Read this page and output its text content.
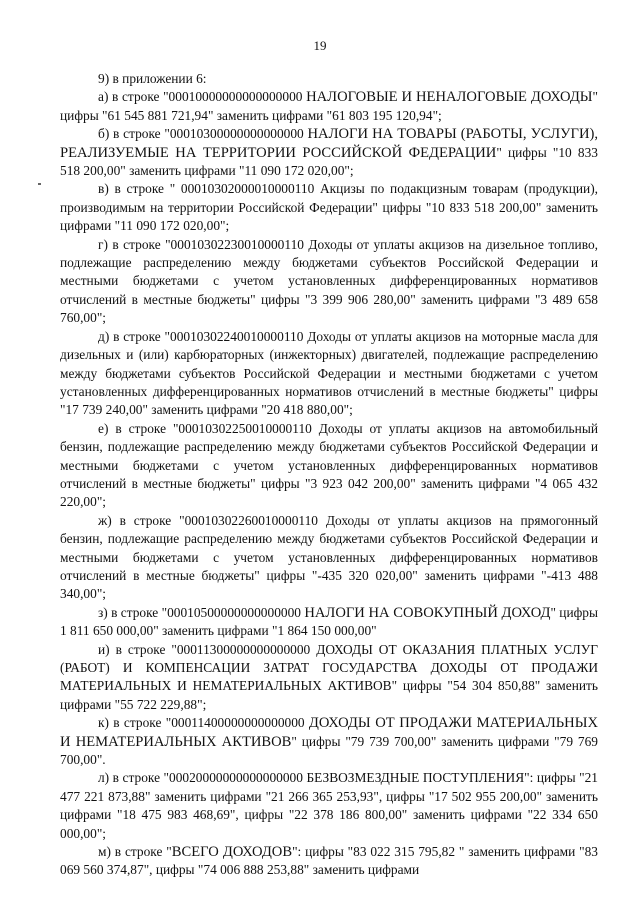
19

9) в приложении 6:

а) в строке "00010000000000000000 НАЛОГОВЫЕ И НЕНАЛОГОВЫЕ ДОХОДЫ" цифры "61 545 881 721,94" заменить цифрами "61 803 195 120,94";

б) в строке "00010300000000000000 НАЛОГИ НА ТОВАРЫ (РАБОТЫ, УСЛУГИ), РЕАЛИЗУЕМЫЕ НА ТЕРРИТОРИИ РОССИЙСКОЙ ФЕДЕРАЦИИ" цифры "10 833 518 200,00" заменить цифрами "11 090 172 020,00";

в) в строке " 00010302000010000110 Акцизы по подакцизным товарам (продукции), производимым на территории Российской Федерации" цифры "10 833 518 200,00" заменить цифрами "11 090 172 020,00";

г) в строке "00010302230010000110 Доходы от уплаты акцизов на дизельное топливо, подлежащие распределению между бюджетами субъектов Российской Федерации и местными бюджетами с учетом установленных дифференцированных нормативов отчислений в местные бюджеты" цифры "3 399 906 280,00" заменить цифрами "3 489 658 760,00";

д) в строке "00010302240010000110 Доходы от уплаты акцизов на моторные масла для дизельных и (или) карбюраторных (инжекторных) двигателей, подлежащие распределению между бюджетами субъектов Российской Федерации и местными бюджетами с учетом установленных дифференцированных нормативов отчислений в местные бюджеты" цифры "17 739 240,00" заменить цифрами "20 418 880,00";

е) в строке "00010302250010000110 Доходы от уплаты акцизов на автомобильный бензин, подлежащие распределению между бюджетами субъектов Российской Федерации и местными бюджетами с учетом установленных дифференцированных нормативов отчислений в местные бюджеты" цифры "3 923 042 200,00" заменить цифрами "4 065 432 220,00";

ж) в строке "00010302260010000110 Доходы от уплаты акцизов на прямогонный бензин, подлежащие распределению между бюджетами субъектов Российской Федерации и местными бюджетами с учетом установленных дифференцированных нормативов отчислений в местные бюджеты" цифры "-435 320 020,00" заменить цифрами "-413 488 340,00";

з) в строке "00010500000000000000 НАЛОГИ НА СОВОКУПНЫЙ ДОХОД" цифры 1 811 650 000,00" заменить цифрами "1 864 150 000,00"

и) в строке "00011300000000000000 ДОХОДЫ ОТ ОКАЗАНИЯ ПЛАТНЫХ УСЛУГ (РАБОТ) И КОМПЕНСАЦИИ ЗАТРАТ ГОСУДАРСТВА ДОХОДЫ ОТ ПРОДАЖИ МАТЕРИАЛЬНЫХ И НЕМАТЕРИАЛЬНЫХ АКТИВОВ" цифры "54 304 850,88" заменить цифрами "55 722 229,88";

к) в строке "00011400000000000000 ДОХОДЫ ОТ ПРОДАЖИ МАТЕРИАЛЬНЫХ И НЕМАТЕРИАЛЬНЫХ АКТИВОВ" цифры "79 739 700,00" заменить цифрами "79 769 700,00".

л) в строке "00020000000000000000 БЕЗВОЗМЕЗДНЫЕ ПОСТУПЛЕНИЯ": цифры "21 477 221 873,88" заменить цифрами "21 266 365 253,93", цифры "17 502 955 200,00" заменить цифрами "18 475 983 468,69", цифры "22 378 186 800,00" заменить цифрами "22 334 650 000,00";

м) в строке "ВСЕГО ДОХОДОВ": цифры "83 022 315 795,82 " заменить цифрами "83 069 560 374,87", цифры "74 006 888 253,88" заменить цифрами
